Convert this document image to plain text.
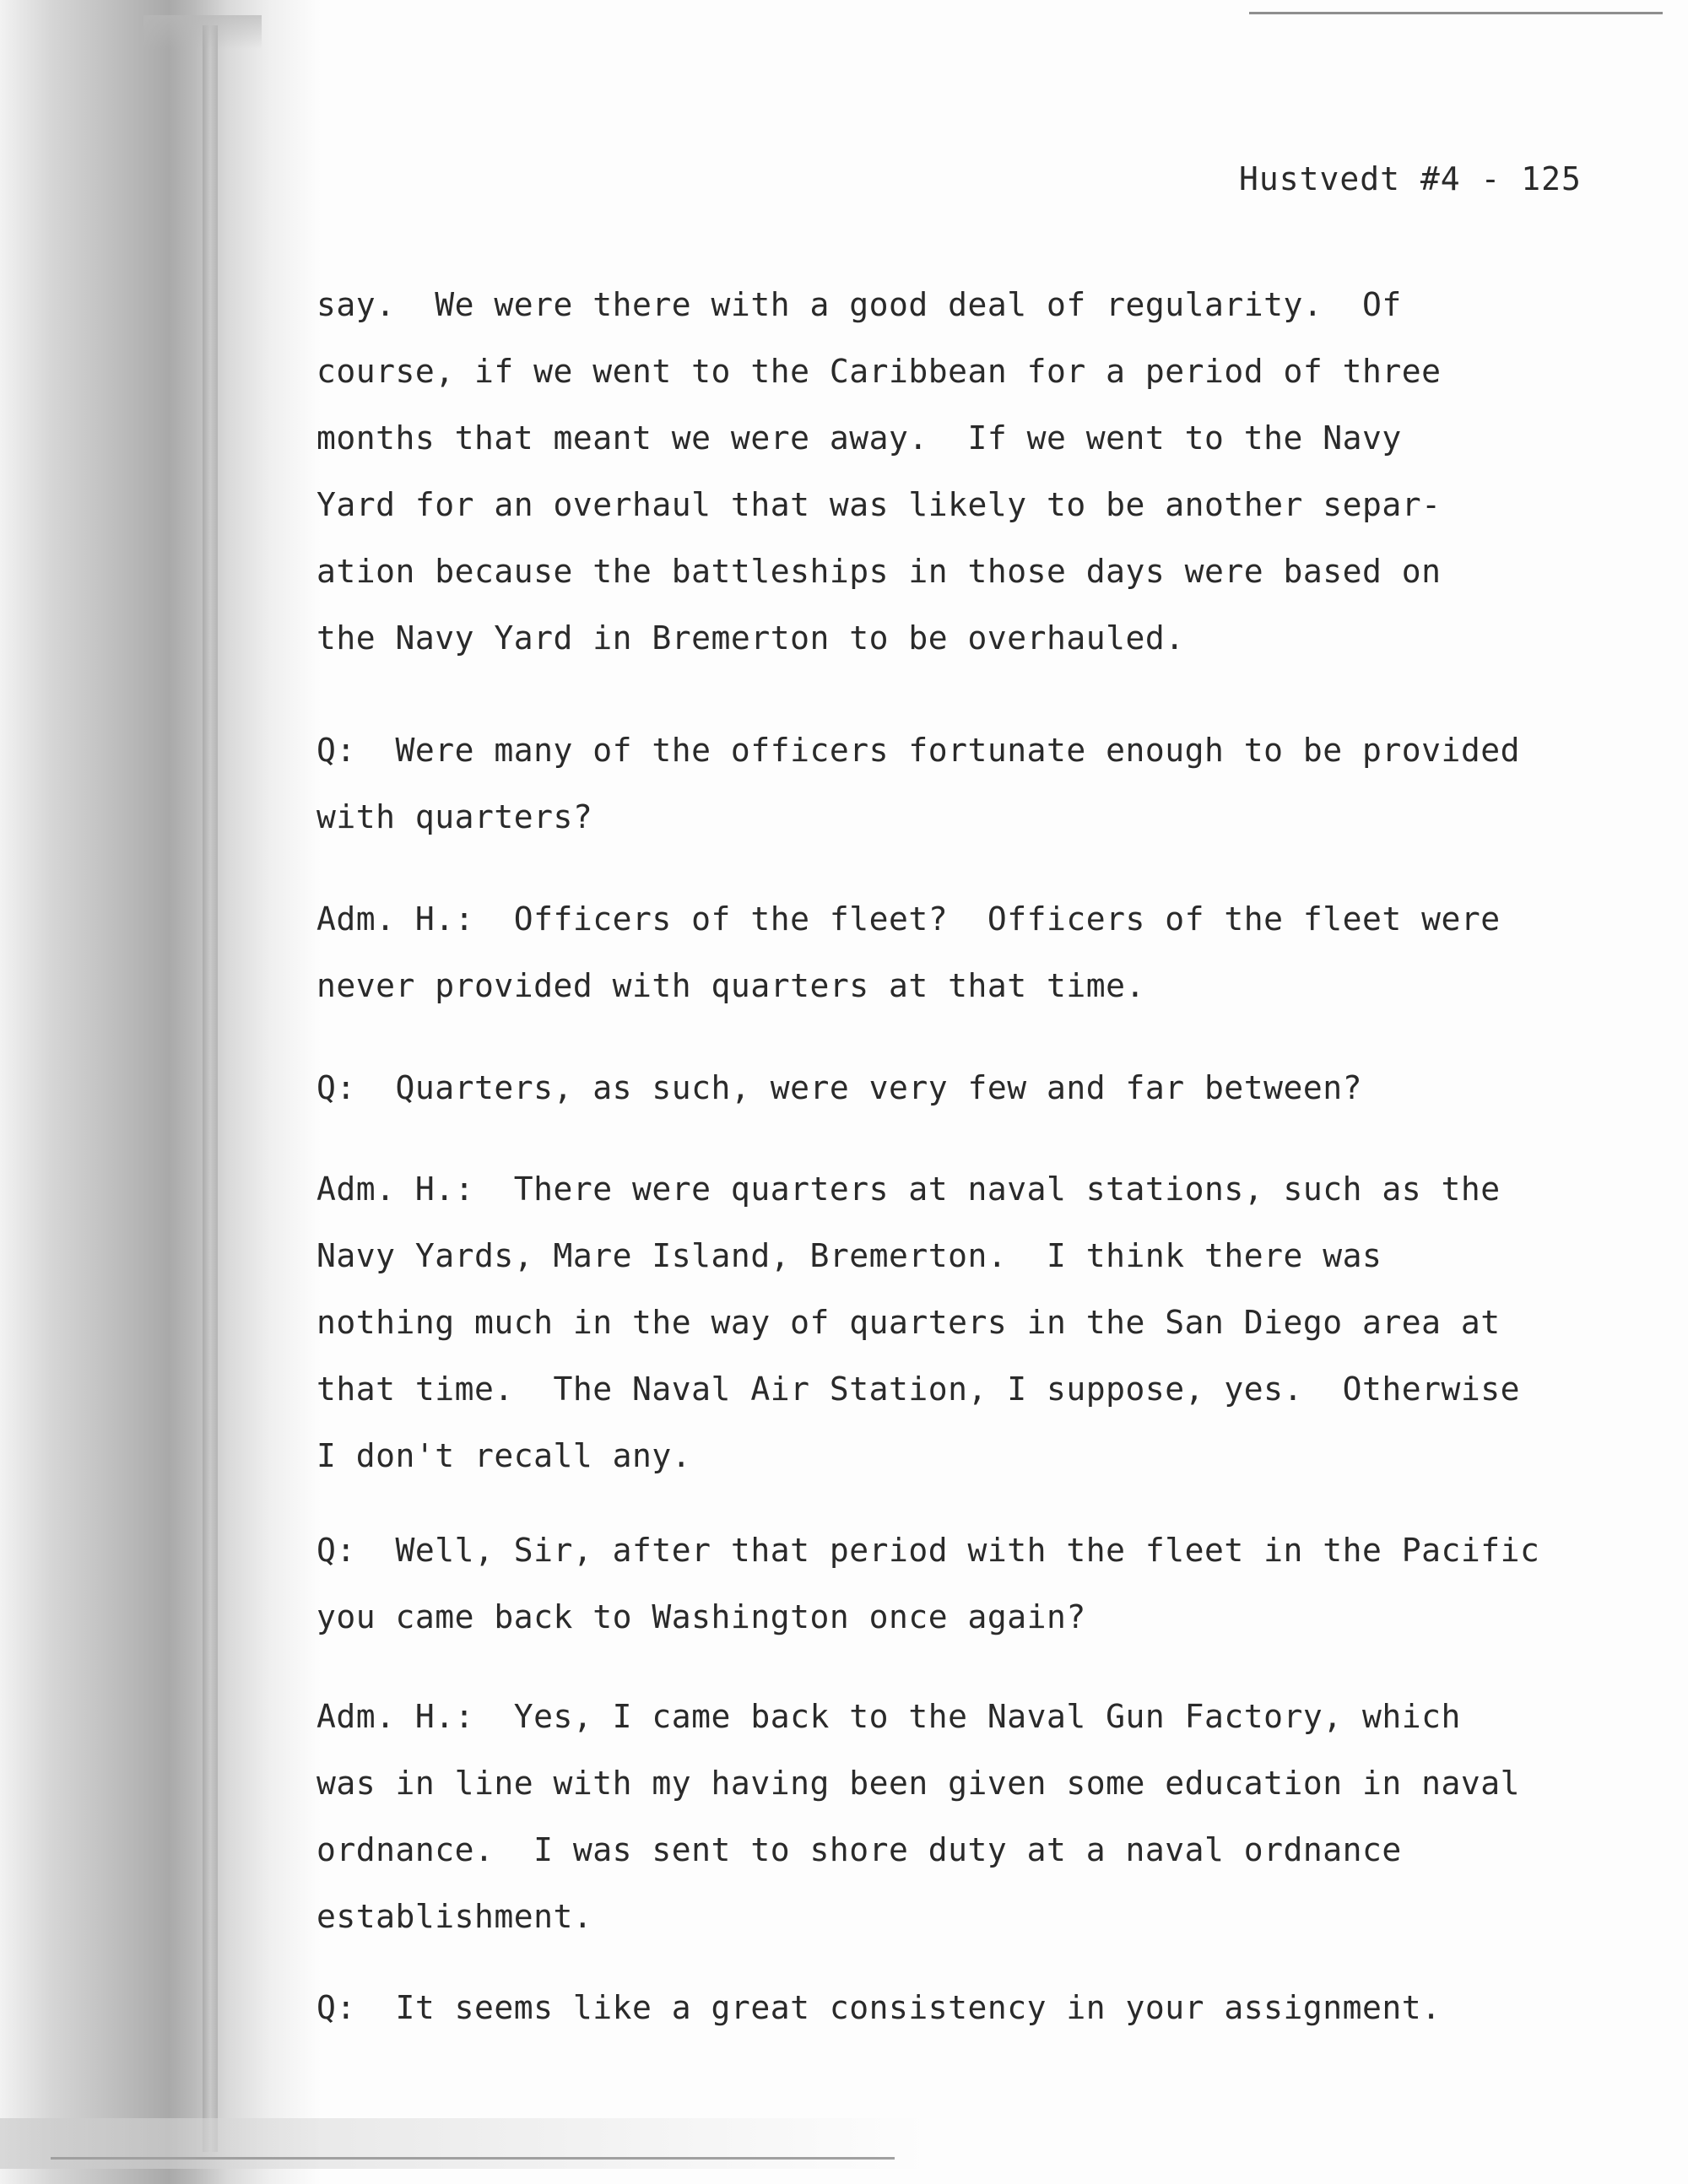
Hustvedt #4 - 125
say.  We were there with a good deal of regularity.  Of
course, if we went to the Caribbean for a period of three
months that meant we were away.  If we went to the Navy
Yard for an overhaul that was likely to be another separ-
ation because the battleships in those days were based on
the Navy Yard in Bremerton to be overhauled.
Q:  Were many of the officers fortunate enough to be provided
with quarters?
Adm. H.:  Officers of the fleet?  Officers of the fleet were
never provided with quarters at that time.
Q:  Quarters, as such, were very few and far between?
Adm. H.:  There were quarters at naval stations, such as the
Navy Yards, Mare Island, Bremerton.  I think there was
nothing much in the way of quarters in the San Diego area at
that time.  The Naval Air Station, I suppose, yes.  Otherwise
I don't recall any.
Q:  Well, Sir, after that period with the fleet in the Pacific
you came back to Washington once again?
Adm. H.:  Yes, I came back to the Naval Gun Factory, which
was in line with my having been given some education in naval
ordnance.  I was sent to shore duty at a naval ordnance
establishment.
Q:  It seems like a great consistency in your assignment.
